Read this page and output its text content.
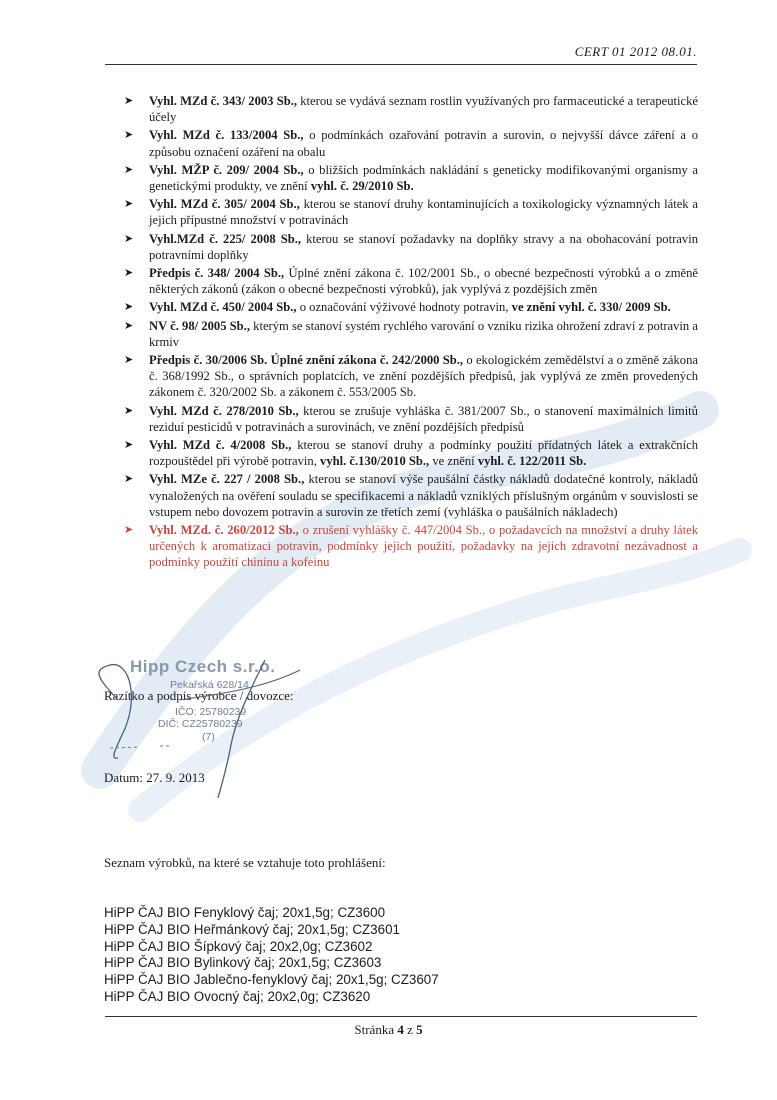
CERT 01 2012 08.01.
➤ Vyhl. MZd č. 343/ 2003 Sb., kterou se vydává seznam rostlin využívaných pro farmaceutické a terapeutické účely
➤ Vyhl. MZd č. 133/2004 Sb., o podmínkách ozařování potravin a surovin, o nejvyšší dávce záření a o způsobu označení ozáření na obalu
➤ Vyhl. MŽP č. 209/ 2004 Sb., o bližších podmínkách nakládání s geneticky modifikovanými organismy a genetickými produkty, ve znění vyhl. č. 29/2010 Sb.
➤ Vyhl. MZd č. 305/ 2004 Sb., kterou se stanoví druhy kontaminujících a toxikologicky významných látek a jejich přípustné množství v potravinách
➤ Vyhl.MZd č. 225/ 2008 Sb., kterou se stanoví požadavky na doplňky stravy a na obohacování potravin potravními doplňky
➤ Předpis č. 348/ 2004 Sb., Úplné znění zákona č. 102/2001 Sb., o obecné bezpečnosti výrobků a o změně některých zákonů (zákon o obecné bezpečnosti výrobků), jak vyplývá z pozdějších změn
➤ Vyhl. MZd č. 450/ 2004 Sb., o označování výživové hodnoty potravin, ve znění vyhl. č. 330/ 2009 Sb.
➤ NV č. 98/ 2005 Sb., kterým se stanoví systém rychlého varování o vzniku rizika ohrožení zdraví z potravin a krmiv
➤ Předpis č. 30/2006 Sb. Úplné znění zákona č. 242/2000 Sb., o ekologickém zemědělství a o změně zákona č. 368/1992 Sb., o správních poplatcích, ve znění pozdějších předpisů, jak vyplývá ze změn provedených zákonem č. 320/2002 Sb. a zákonem č. 553/2005 Sb.
➤ Vyhl. MZd č. 278/2010 Sb., kterou se zrušuje vyhláška č. 381/2007 Sb., o stanovení maximálních limitů reziduí pesticidů v potravinách a surovinách, ve znění pozdějších předpisů
➤ Vyhl. MZd č. 4/2008 Sb., kterou se stanoví druhy a podmínky použití přídatných látek a extrakčních rozpouštědel při výrobě potravin, vyhl. č.130/2010 Sb., ve znění vyhl. č. 122/2011 Sb.
➤ Vyhl. MZe č. 227 / 2008 Sb., kterou se stanoví výše paušální částky nákladů dodatečné kontroly, nákladů vynaložených na ověření souladu se specifikacemi a nákladů vzniklých příslušným orgánům v souvislosti se vstupem nebo dovozem potravin a surovin ze třetích zemí (vyhláška o paušálních nákladech)
➤ Vyhl. MZd. č. 260/2012 Sb., o zrušení vyhlášky č. 447/2004 Sb., o požadavcích na množství a druhy látek určených k aromatizaci potravin, podmínky jejich použití, požadavky na jejich zdravotní nezávadnost a podmínky použití chininu a kofeinu
Hipp Czech s.r.o.
Pekařská 628/14
IČO: 25780239
DIČ: CZ25780239
(7)
Razítko a podpis výrobce / dovozce:
Datum: 27. 9. 2013
Seznam výrobků, na které se vztahuje toto prohlášení:
HiPP ČAJ BIO Fenyklový čaj; 20x1,5g; CZ3600
HiPP ČAJ BIO Heřmánkový čaj; 20x1,5g; CZ3601
HiPP ČAJ BIO Šípkový čaj; 20x2,0g; CZ3602
HiPP ČAJ BIO Bylinkový čaj; 20x1,5g; CZ3603
HiPP ČAJ BIO Jablečno-fenyklový čaj; 20x1,5g; CZ3607
HiPP ČAJ BIO Ovocný čaj; 20x2,0g; CZ3620
Stránka 4 z 5
